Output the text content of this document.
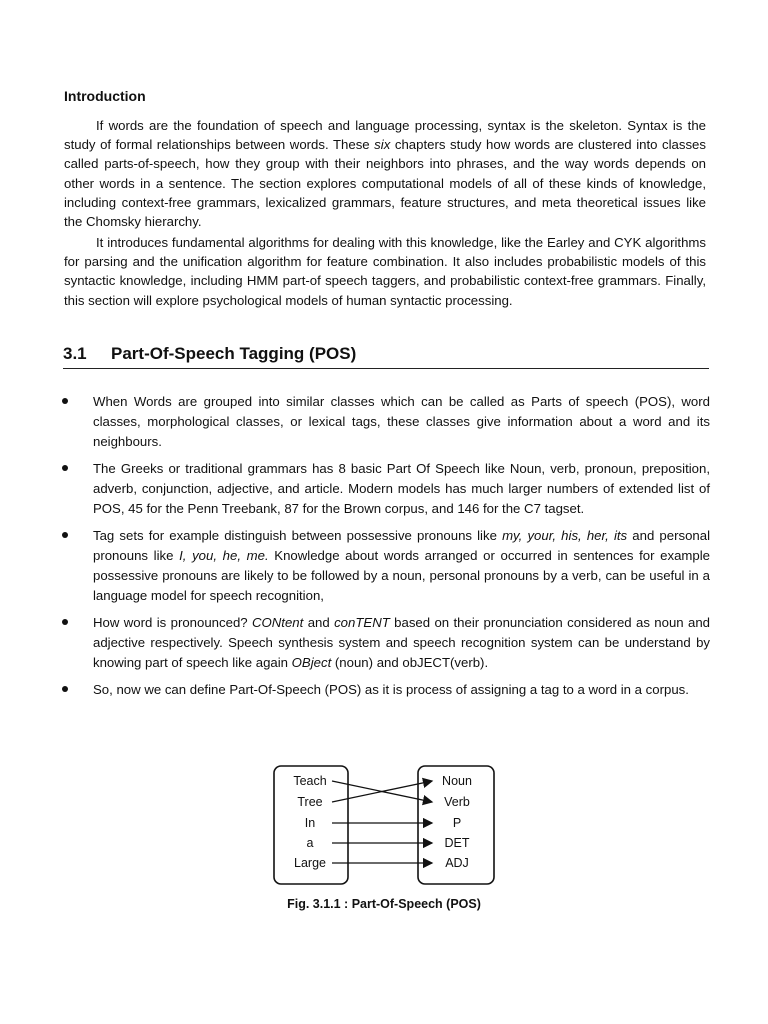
Introduction

If words are the foundation of speech and language processing, syntax is the skeleton. Syntax is the study of formal relationships between words. These six chapters study how words are clustered into classes called parts-of-speech, how they group with their neighbors into phrases, and the way words depends on other words in a sentence. The section explores computational models of all of these kinds of knowledge, including context-free grammars, lexicalized grammars, feature structures, and meta theoretical issues like the Chomsky hierarchy.

It introduces fundamental algorithms for dealing with this knowledge, like the Earley and CYK algorithms for parsing and the unification algorithm for feature combination. It also includes probabilistic models of this syntactic knowledge, including HMM part-of speech taggers, and probabilistic context-free grammars. Finally, this section will explore psychological models of human syntactic processing.

3.1 Part-Of-Speech Tagging (POS)
When Words are grouped into similar classes which can be called as Parts of speech (POS), word classes, morphological classes, or lexical tags, these classes give information about a word and its neighbours.
The Greeks or traditional grammars has 8 basic Part Of Speech like Noun, verb, pronoun, preposition, adverb, conjunction, adjective, and article. Modern models has much larger numbers of extended list of POS, 45 for the Penn Treebank, 87 for the Brown corpus, and 146 for the C7 tagset.
Tag sets for example distinguish between possessive pronouns like my, your, his, her, its and personal pronouns like I, you, he, me. Knowledge about words arranged or occurred in sentences for example possessive pronouns are likely to be followed by a noun, personal pronouns by a verb, can be useful in a language model for speech recognition,
How word is pronounced? CONtent and conTENT based on their pronunciation considered as noun and adjective respectively. Speech synthesis system and speech recognition system can be understand by knowing part of speech like again OBject (noun) and obJECT(verb).
So, now we can define Part-Of-Speech (POS) as it is process of assigning a tag to a word in a corpus.
Teach
Tree
In
a
Large
Noun
Verb
P
DET
ADJ

Fig. 3.1.1 : Part-Of-Speech (POS)
